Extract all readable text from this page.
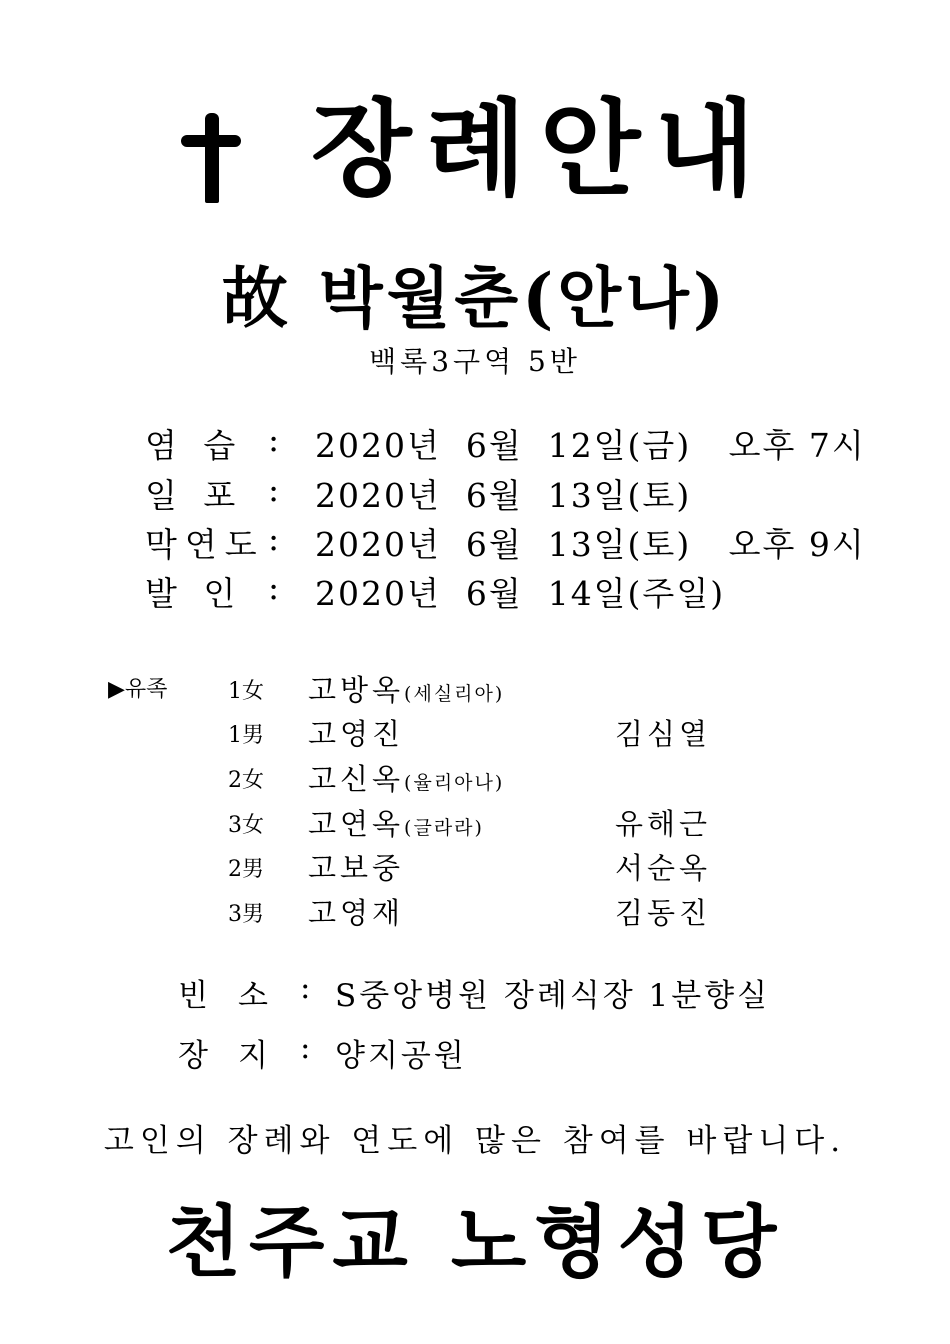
장례안내
故 박월춘(안나)
백록3구역 5반
염 습 : 2020년  6월  12일(금)   오후 7시
일 포 : 2020년  6월  13일(토)
막연도 : 2020년  6월  13일(토)   오후 9시
발 인 : 2020년  6월  14일(주일)
▶유족	1女 고방옥(세실리아)
1男 고영진	김심열
2女 고신옥(율리아나)
3女 고연옥(글라라)	유해근
2男 고보중	서순옥
3男 고영재	김동진
빈소 : S중앙병원 장례식장 1분향실
장지 : 양지공원
고인의 장례와 연도에 많은 참여를 바랍니다.
천주교 노형성당
